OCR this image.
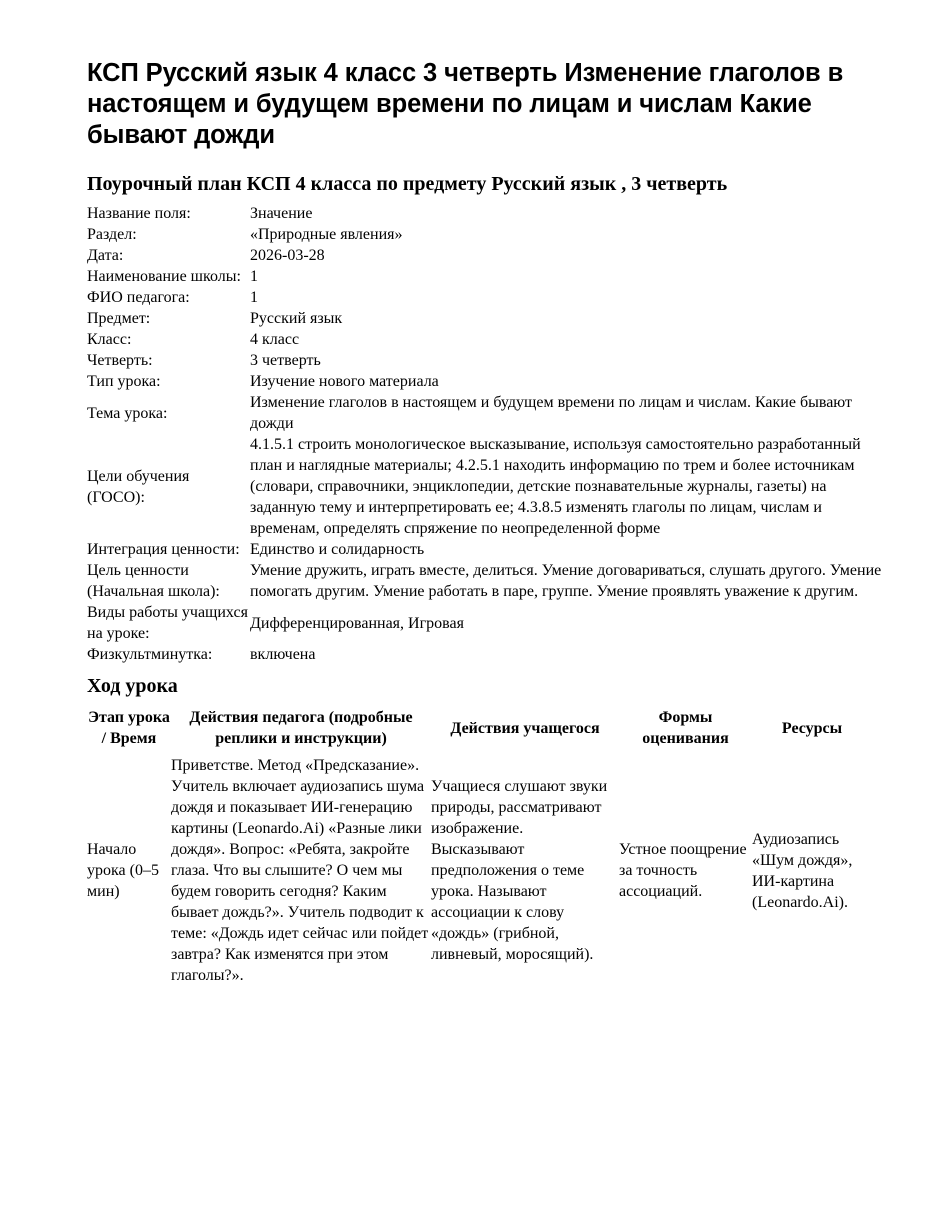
КСП Русский язык 4 класс 3 четверть Изменение глаголов в настоящем и будущем времени по лицам и числам Какие бывают дожди
Поурочный план КСП 4 класса по предмету Русский язык , 3 четверть
Название поля:	Значение
Раздел:	«Природные явления»
Дата:	2026-03-28
Наименование школы:	1
ФИО педагога:	1
Предмет:	Русский язык
Класс:	4 класс
Четверть:	3 четверть
Тип урока:	Изучение нового материала
Тема урока:	Изменение глаголов в настоящем и будущем времени по лицам и числам. Какие бывают дожди
Цели обучения (ГОСО):	4.1.5.1 строить монологическое высказывание, используя самостоятельно разработанный план и наглядные материалы; 4.2.5.1 находить информацию по трем и более источникам (словари, справочники, энциклопедии, детские познавательные журналы, газеты) на заданную тему и интерпретировать ее; 4.3.8.5 изменять глаголы по лицам, числам и временам, определять спряжение по неопределенной форме
Интеграция ценности:	Единство и солидарность
Цель ценности (Начальная школа):	Умение дружить, играть вместе, делиться. Умение договариваться, слушать другого. Умение помогать другим. Умение работать в паре, группе. Умение проявлять уважение к другим.
Виды работы учащихся на уроке:	Дифференцированная, Игровая
Физкультминутка:	включена
Ход урока
Этап урока / Время	Действия педагога (подробные реплики и инструкции)	Действия учащегося	Формы оценивания	Ресурсы
Начало урока (0–5 мин)	Приветстве. Метод «Предсказание». Учитель включает аудиозапись шума дождя и показывает ИИ-генерацию картины (Leonardo.Ai) «Разные лики дождя». Вопрос: «Ребята, закройте глаза. Что вы слышите? О чем мы будем говорить сегодня? Каким бывает дождь?». Учитель подводит к теме: «Дождь идет сейчас или пойдет завтра? Как изменятся при этом глаголы?».	Учащиеся слушают звуки природы, рассматривают изображение. Высказывают предположения о теме урока. Называют ассоциации к слову «дождь» (грибной, ливневый, моросящий).	Устное поощрение за точность ассоциаций.	Аудиозапись «Шум дождя», ИИ-картина (Leonardo.Ai).
